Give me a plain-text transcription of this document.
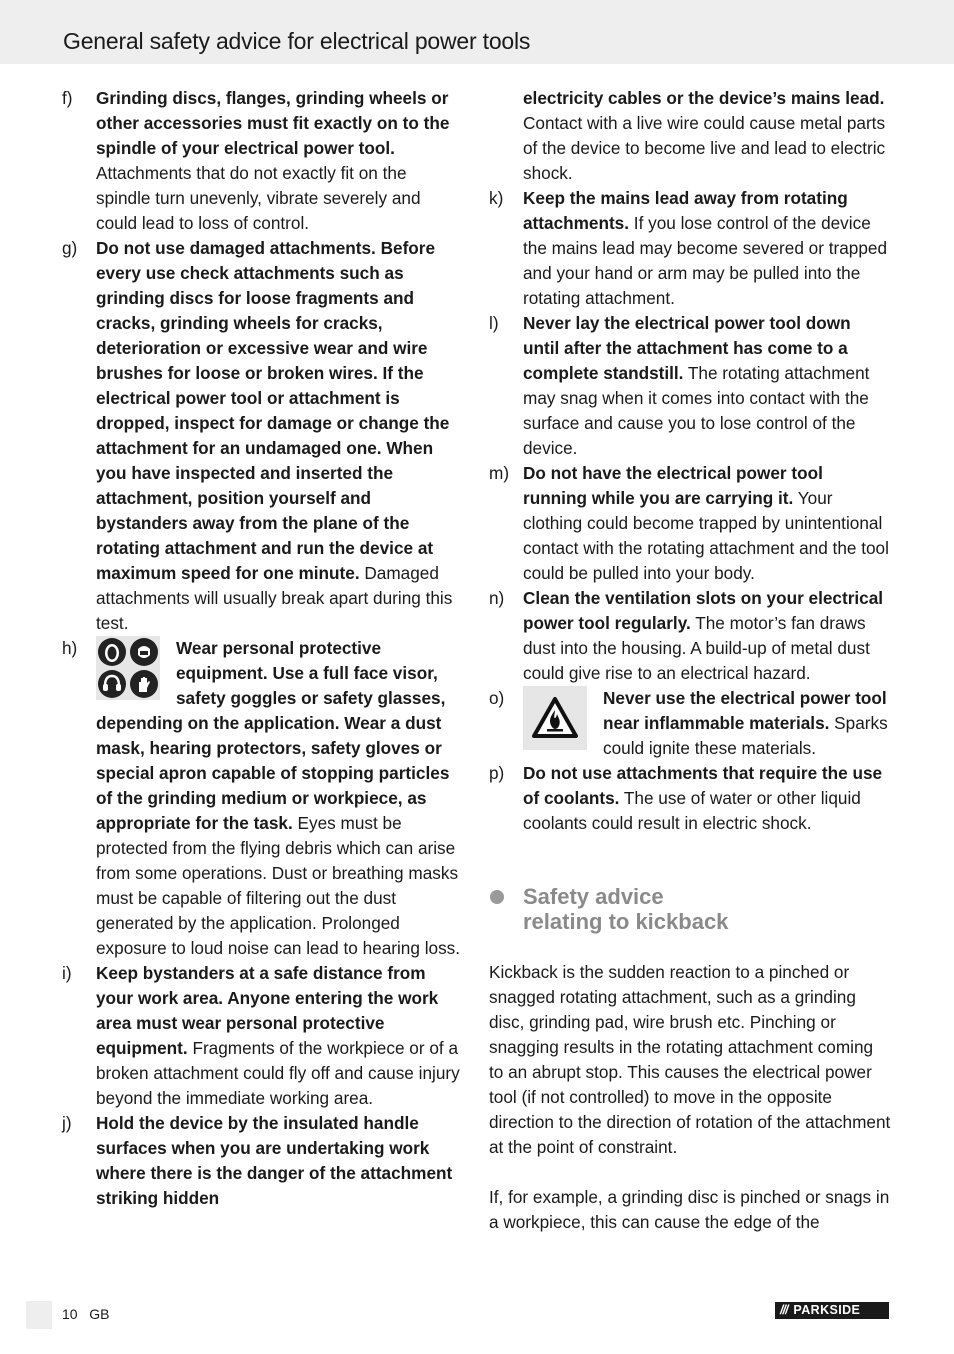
General safety advice for electrical power tools
f) Grinding discs, flanges, grinding wheels or other accessories must fit exactly on to the spindle of your electrical power tool. Attachments that do not exactly fit on the spindle turn unevenly, vibrate severely and could lead to loss of control.
g) Do not use damaged attachments. Before every use check attachments such as grinding discs for loose fragments and cracks, grinding wheels for cracks, deterioration or excessive wear and wire brushes for loose or broken wires. If the electrical power tool or attachment is dropped, inspect for damage or change the attachment for an undamaged one. When you have inspected and inserted the attachment, position yourself and bystanders away from the plane of the rotating attachment and run the device at maximum speed for one minute. Damaged attachments will usually break apart during this test.
h)	Wear personal protective equipment. Use a full face visor, safety goggles or safety glasses, depending on the application. Wear a dust mask, hearing protectors, safety gloves or special apron capable of stopping particles of the grinding medium or workpiece, as appropriate for the task. Eyes must be protected from the flying debris which can arise from some operations. Dust or breathing masks must be capable of filtering out the dust generated by the application. Prolonged exposure to loud noise can lead to hearing loss.
i) Keep bystanders at a safe distance from your work area. Anyone entering the work area must wear personal protective equipment. Fragments of the workpiece or of a broken attachment could fly off and cause injury beyond the immediate working area.
j) Hold the device by the insulated handle surfaces when you are undertaking work where there is the danger of the attachment striking hidden
electricity cables or the device’s mains lead. Contact with a live wire could cause metal parts of the device to become live and lead to electric shock.
k) Keep the mains lead away from rotating attachments. If you lose control of the device the mains lead may become severed or trapped and your hand or arm may be pulled into the rotating attachment.
l) Never lay the electrical power tool down until after the attachment has come to a complete standstill. The rotating attachment may snag when it comes into contact with the surface and cause you to lose control of the device.
m) Do not have the electrical power tool running while you are carrying it. Your clothing could become trapped by unintentional contact with the rotating attachment and the tool could be pulled into your body.
n) Clean the ventilation slots on your electrical power tool regularly. The motor’s fan draws dust into the housing. A build-up of metal dust could give rise to an electrical hazard.
o)	Never use the electrical power tool near inflammable materials. Sparks could ignite these materials.
p) Do not use attachments that require the use of coolants. The use of water or other liquid coolants could result in electric shock.
Safety advice
relating to kickback
Kickback is the sudden reaction to a pinched or snagged rotating attachment, such as a grinding disc, grinding pad, wire brush etc. Pinching or snagging results in the rotating attachment coming to an abrupt stop. This causes the electrical power tool (if not controlled) to move in the opposite direction to the direction of rotation of the attachment at the point of constraint.
If, for example, a grinding disc is pinched or snags in a workpiece, this can cause the edge of the
10 GB	/// PARKSIDE
